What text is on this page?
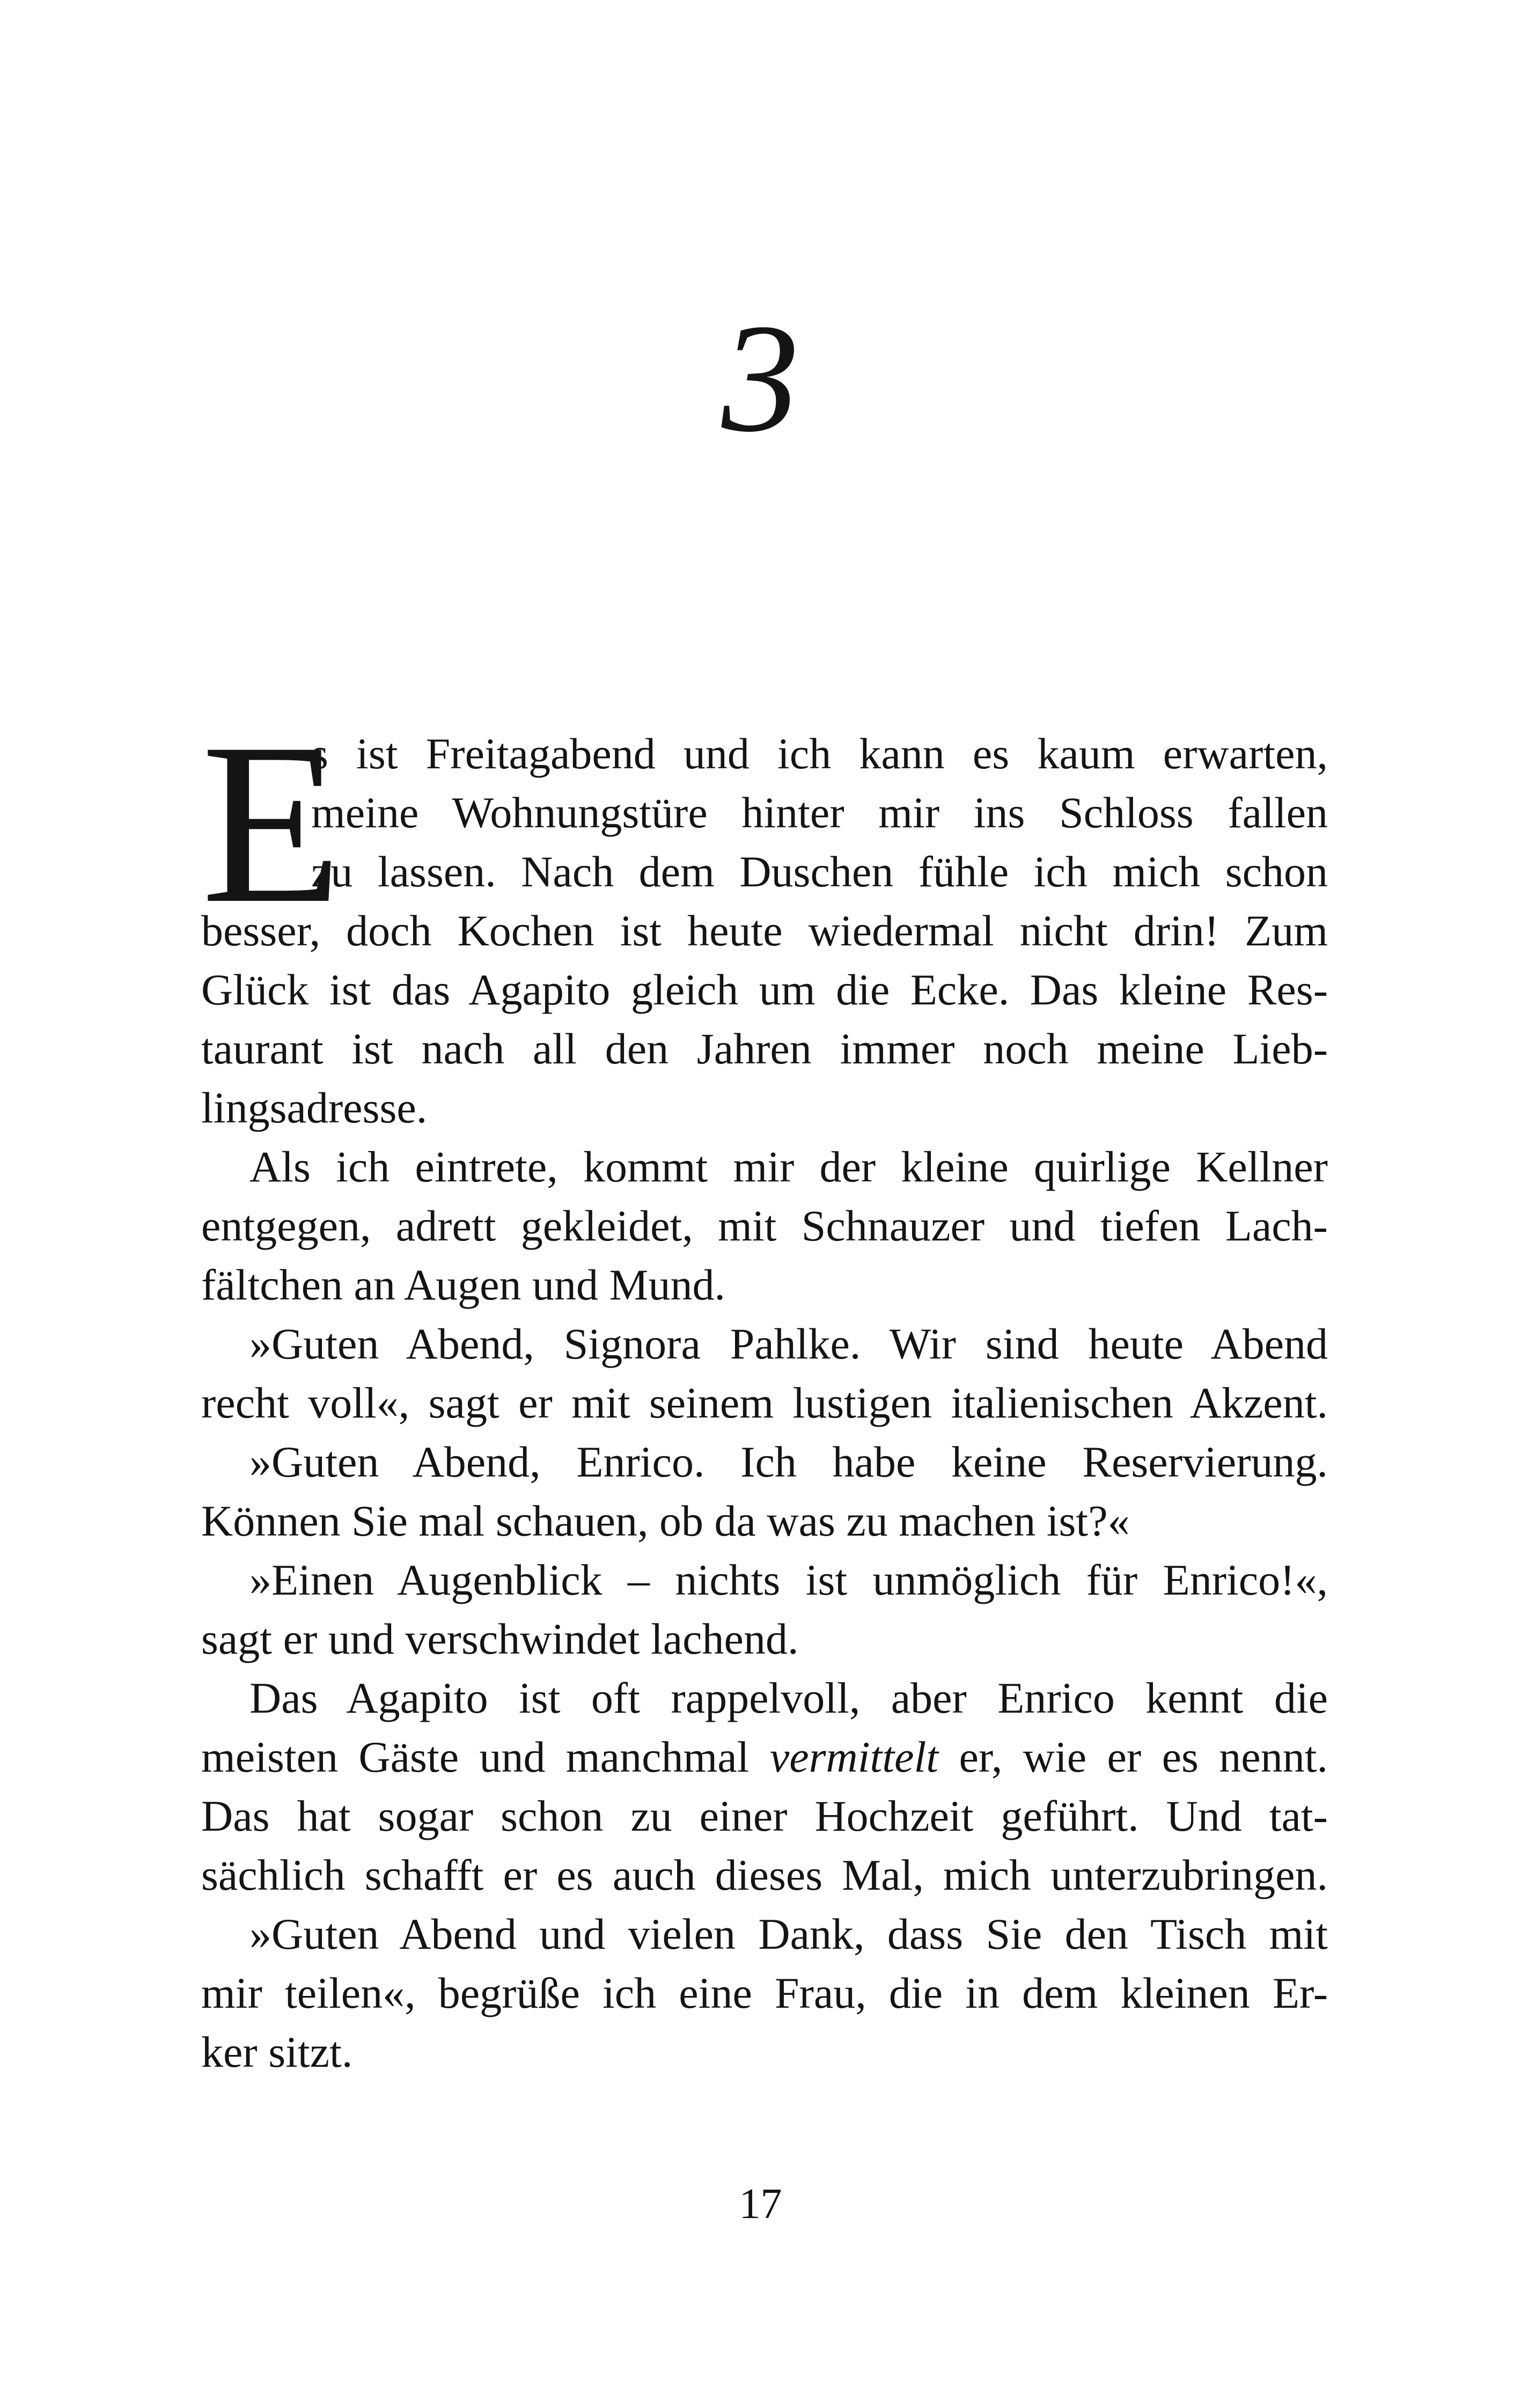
3
E
s ist Freitagabend und ich kann es kaum erwarten,
meine Wohnungstüre hinter mir ins Schloss fallen
zu lassen. Nach dem Duschen fühle ich mich schon
besser, doch Kochen ist heute wiedermal nicht drin! Zum
Glück ist das Agapito gleich um die Ecke. Das kleine Res-
taurant ist nach all den Jahren immer noch meine Lieb-
lingsadresse.
Als ich eintrete, kommt mir der kleine quirlige Kellner
entgegen, adrett gekleidet, mit Schnauzer und tiefen Lach-
fältchen an Augen und Mund.
»Guten Abend, Signora Pahlke. Wir sind heute Abend
recht voll«, sagt er mit seinem lustigen italienischen Akzent.
»Guten Abend, Enrico. Ich habe keine Reservierung.
Können Sie mal schauen, ob da was zu machen ist?«
»Einen Augenblick – nichts ist unmöglich für Enrico!«,
sagt er und verschwindet lachend.
Das Agapito ist oft rappelvoll, aber Enrico kennt die
meisten Gäste und manchmal vermittelt er, wie er es nennt.
Das hat sogar schon zu einer Hochzeit geführt. Und tat-
sächlich schafft er es auch dieses Mal, mich unterzubringen.
»Guten Abend und vielen Dank, dass Sie den Tisch mit
mir teilen«, begrüße ich eine Frau, die in dem kleinen Er-
ker sitzt.
17
